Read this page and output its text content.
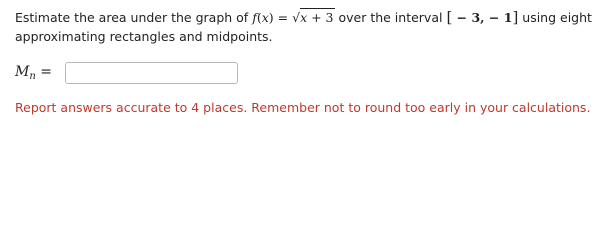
Estimate the area under the graph of f(x) = √x + 3 over the interval [ − 3, − 1] using eight
approximating rectangles and midpoints.
$M_n$ =
Report answers accurate to 4 places. Remember not to round too early in your calculations.
